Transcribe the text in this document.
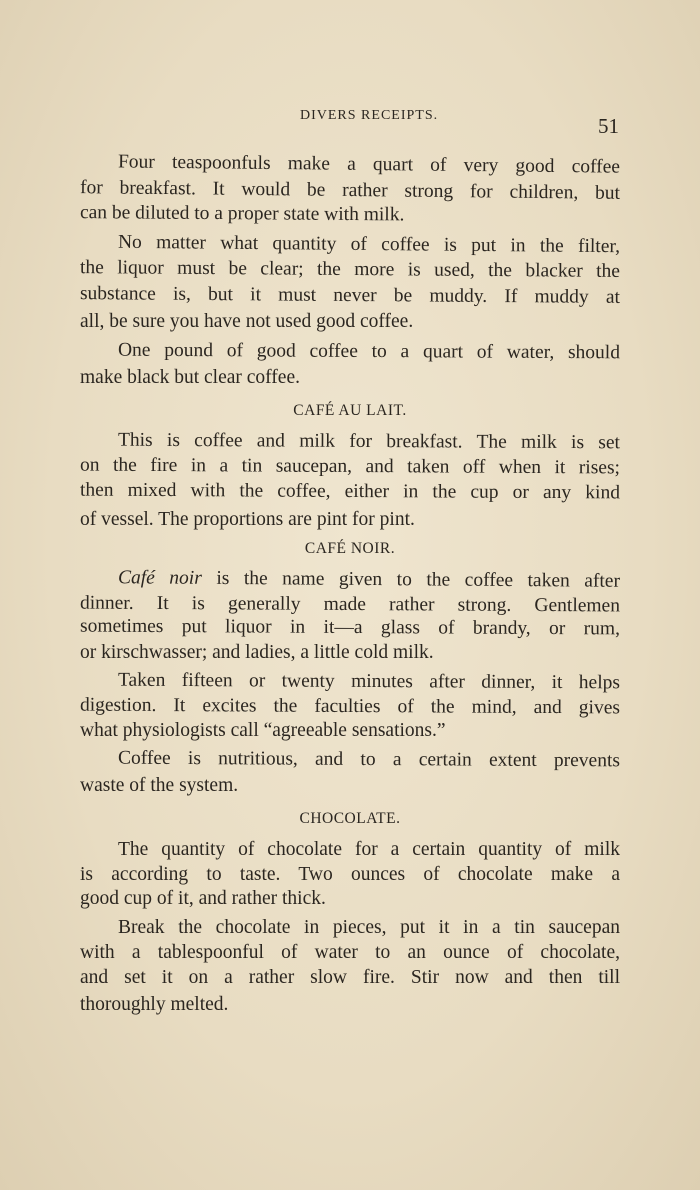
DIVERS RECEIPTS.	51
Four teaspoonfuls make a quart of very good coffee
for breakfast. It would be rather strong for children, but
can be diluted to a proper state with milk.
No matter what quantity of coffee is put in the filter,
the liquor must be clear; the more is used, the blacker the
substance is, but it must never be muddy. If muddy at
all, be sure you have not used good coffee.
One pound of good coffee to a quart of water, should
make black but clear coffee.
CAFÉ AU LAIT.
This is coffee and milk for breakfast. The milk is set
on the fire in a tin saucepan, and taken off when it rises;
then mixed with the coffee, either in the cup or any kind
of vessel. The proportions are pint for pint.
CAFÉ NOIR.
Café noir is the name given to the coffee taken after
dinner. It is generally made rather strong. Gentlemen
sometimes put liquor in it—a glass of brandy, or rum,
or kirschwasser; and ladies, a little cold milk.
Taken fifteen or twenty minutes after dinner, it helps
digestion. It excites the faculties of the mind, and gives
what physiologists call “agreeable sensations.”
Coffee is nutritious, and to a certain extent prevents
waste of the system.
CHOCOLATE.
The quantity of chocolate for a certain quantity of milk
is according to taste. Two ounces of chocolate make a
good cup of it, and rather thick.
Break the chocolate in pieces, put it in a tin saucepan
with a tablespoonful of water to an ounce of chocolate,
and set it on a rather slow fire. Stir now and then till
thoroughly melted.
